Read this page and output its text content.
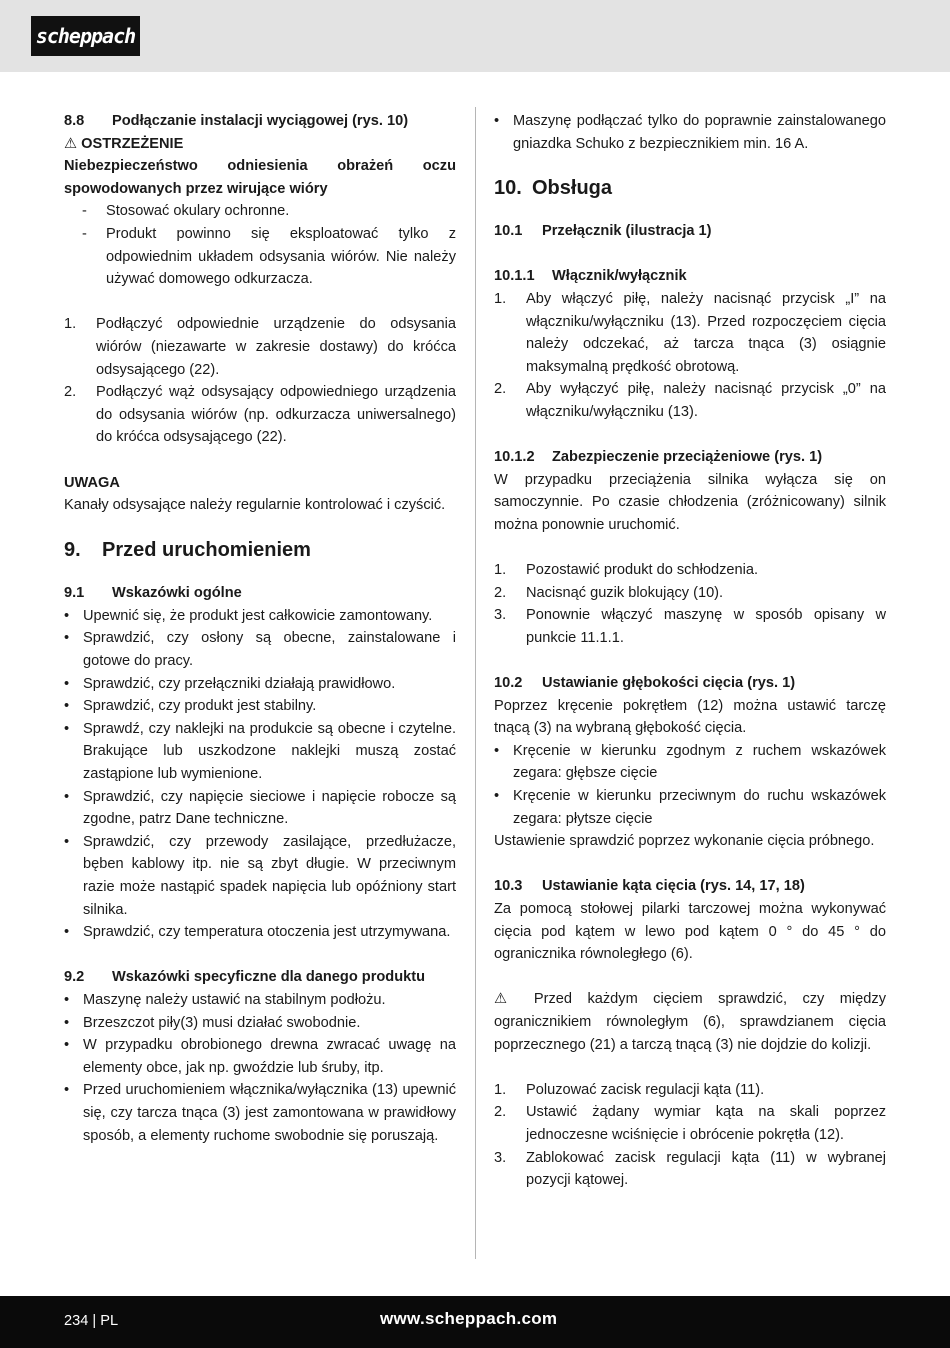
scheppach
8.8	Podłączanie instalacji wyciągowej (rys. 10)
⚠ OSTRZEŻENIE
Niebezpieczeństwo odniesienia obrażeń oczu spowodowanych przez wirujące wióry
- Stosować okulary ochronne.
- Produkt powinno się eksploatować tylko z odpowiednim układem odsysania wiórów. Nie należy używać domowego odkurzacza.
1. Podłączyć odpowiednie urządzenie do odsysania wiórów (niezawarte w zakresie dostawy) do króćca odsysającego (22).
2. Podłączyć wąż odsysający odpowiedniego urządzenia do odsysania wiórów (np. odkurzacza uniwersalnego) do króćca odsysającego (22).
UWAGA
Kanały odsysające należy regularnie kontrolować i czyścić.
9.	Przed uruchomieniem
9.1	Wskazówki ogólne
• Upewnić się, że produkt jest całkowicie zamontowany.
• Sprawdzić, czy osłony są obecne, zainstalowane i gotowe do pracy.
• Sprawdzić, czy przełączniki działają prawidłowo.
• Sprawdzić, czy produkt jest stabilny.
• Sprawdź, czy naklejki na produkcie są obecne i czytelne. Brakujące lub uszkodzone naklejki muszą zostać zastąpione lub wymienione.
• Sprawdzić, czy napięcie sieciowe i napięcie robocze są zgodne, patrz Dane techniczne.
• Sprawdzić, czy przewody zasilające, przedłużacze, bęben kablowy itp. nie są zbyt długie. W przeciwnym razie może nastąpić spadek napięcia lub opóźniony start silnika.
• Sprawdzić, czy temperatura otoczenia jest utrzymywana.
9.2	Wskazówki specyficzne dla danego produktu
• Maszynę należy ustawić na stabilnym podłożu.
• Brzeszczot piły(3) musi działać swobodnie.
• W przypadku obrobionego drewna zwracać uwagę na elementy obce, jak np. gwoździe lub śruby, itp.
• Przed uruchomieniem włącznika/wyłącznika (13) upewnić się, czy tarcza tnąca (3) jest zamontowana w prawidłowy sposób, a elementy ruchome swobodnie się poruszają.
• Maszynę podłączać tylko do poprawnie zainstalowanego gniazdka Schuko z bezpiecznikiem min. 16 A.
10. Obsługa
10.1	Przełącznik (ilustracja 1)
10.1.1	Włącznik/wyłącznik
1. Aby włączyć piłę, należy nacisnąć przycisk „I” na włączniku/wyłączniku (13). Przed rozpoczęciem cięcia należy odczekać, aż tarcza tnąca (3) osiągnie maksymalną prędkość obrotową.
2. Aby wyłączyć piłę, należy nacisnąć przycisk „0” na włączniku/wyłączniku (13).
10.1.2	Zabezpieczenie przeciążeniowe (rys. 1)
W przypadku przeciążenia silnika wyłącza się on samoczynnie. Po czasie chłodzenia (zróżnicowany) silnik można ponownie uruchomić.
1. Pozostawić produkt do schłodzenia.
2. Nacisnąć guzik blokujący (10).
3. Ponownie włączyć maszynę w sposób opisany w punkcie 11.1.1.
10.2	Ustawianie głębokości cięcia (rys. 1)
Poprzez kręcenie pokrętłem (12) można ustawić tarczę tnącą (3) na wybraną głębokość cięcia.
• Kręcenie w kierunku zgodnym z ruchem wskazówek zegara: głębsze cięcie
• Kręcenie w kierunku przeciwnym do ruchu wskazówek zegara: płytsze cięcie
Ustawienie sprawdzić poprzez wykonanie cięcia próbnego.
10.3	Ustawianie kąta cięcia (rys. 14, 17, 18)
Za pomocą stołowej pilarki tarczowej można wykonywać cięcia pod kątem w lewo pod kątem 0 ° do 45 ° do ogranicznika równoległego (6).
⚠ Przed każdym cięciem sprawdzić, czy między ogranicznikiem równoległym (6), sprawdzianem cięcia poprzecznego (21) a tarczą tnącą (3) nie dojdzie do kolizji.
1. Poluzować zacisk regulacji kąta (11).
2. Ustawić żądany wymiar kąta na skali poprzez jednoczesne wciśnięcie i obrócenie pokrętła (12).
3. Zablokować zacisk regulacji kąta (11) w wybranej pozycji kątowej.
234 | PL	www.scheppach.com
